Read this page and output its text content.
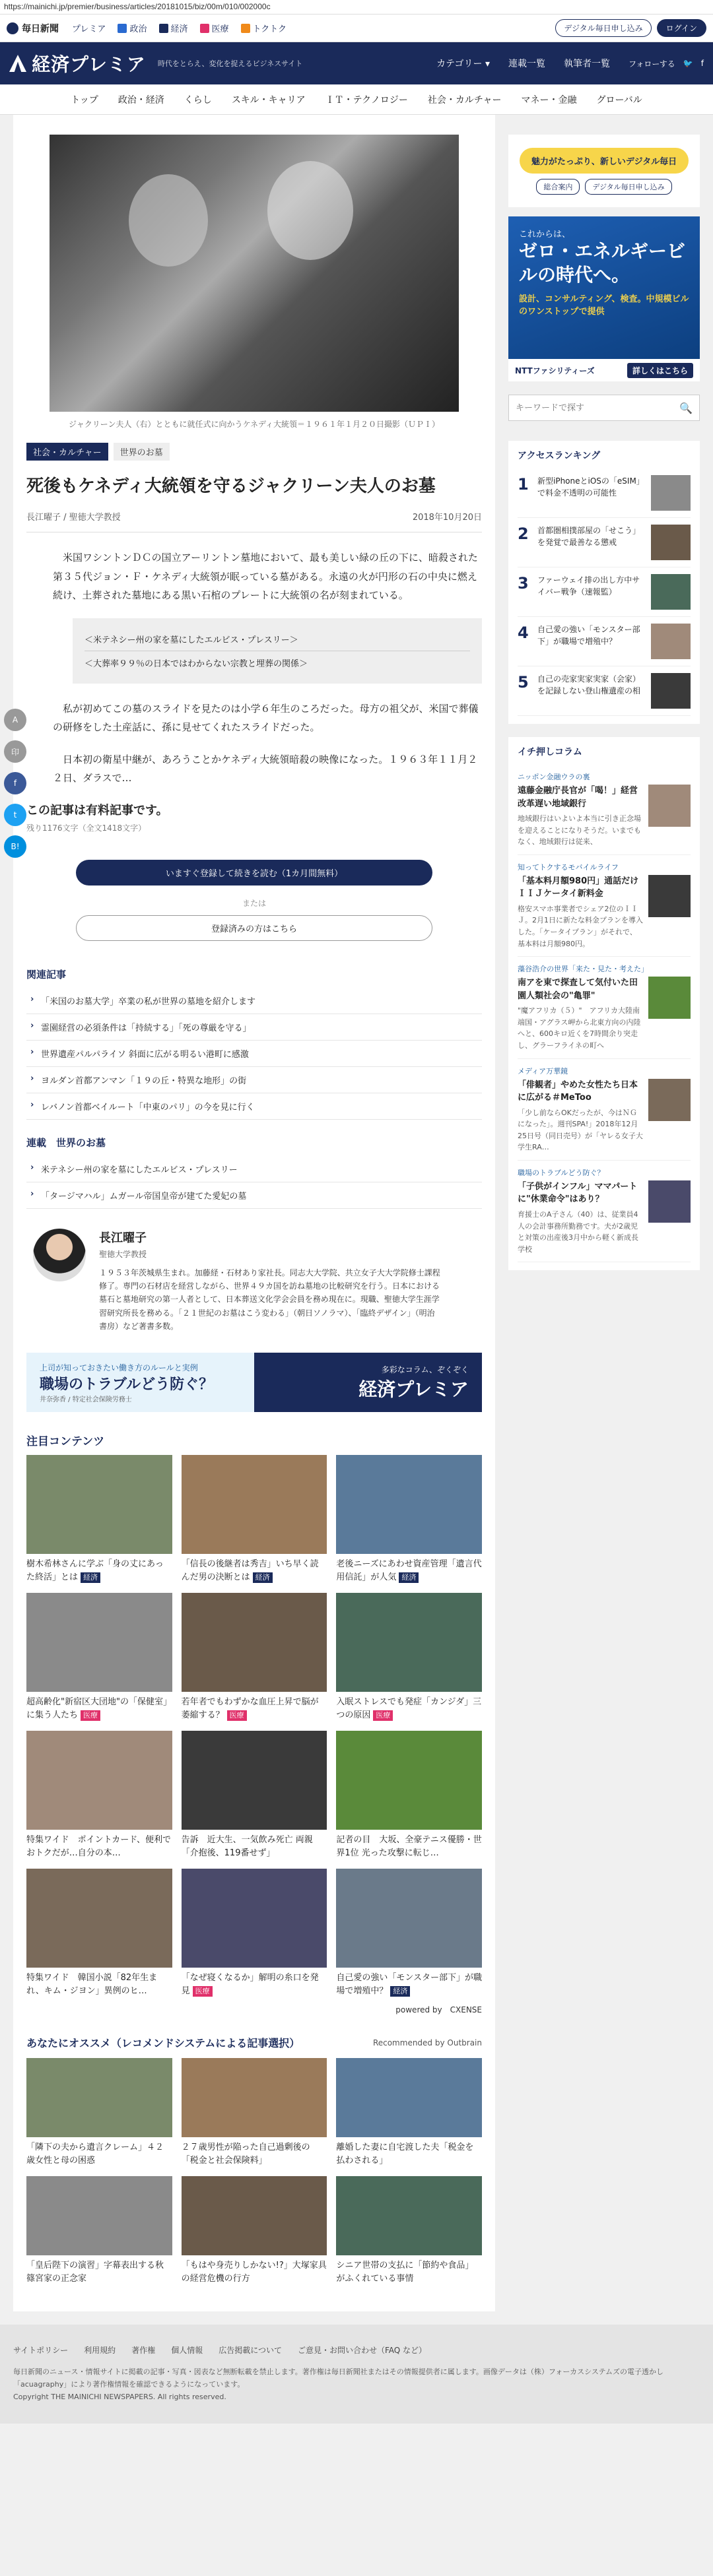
https://mainichi.jp/premier/business/articles/20181015/biz/00m/010/002000c
毎日新聞 プレミア	政治	経済	医療	トクトク	デジタル毎日申し込み	ログイン
経済プレミア 時代をとらえ、変化を捉えるビジネスサイト	カテゴリー ▾ 連載一覧 執筆者一覧 フォローする 🐦 f
トップ 政治・経済 くらし スキル・キャリア ＩＴ・テクノロジー 社会・カルチャー マネー・金融 グローバル
ジャクリーン夫人（右）とともに就任式に向かうケネディ大統領＝１９６１年１月２０日撮影（ＵＰＩ）
社会・カルチャー	世界のお墓
死後もケネディ大統領を守るジャクリーン夫人のお墓
長江曜子 / 聖徳大学教授	2018年10月20日
A
印
f
t
B!

米国ワシントンＤＣの国立アーリントン墓地において、最も美しい緑の丘の下に、暗殺された第３５代ジョン・Ｆ・ケネディ大統領が眠っている墓がある。永遠の火が円形の石の中央に燃え続け、土葬された墓地にある黒い石棺のプレートに大統領の名が刻まれている。

＜米テネシー州の家を墓にしたエルビス・プレスリー＞
＜大葬率９９％の日本ではわからない宗教と埋葬の関係＞

私が初めてこの墓のスライドを見たのは小学６年生のころだった。母方の祖父が、米国で葬儀の研修をした土産話に、孫に見せてくれたスライドだった。

日本初の衛星中継が、あろうことかケネディ大統領暗殺の映像になった。１９６３年１１月２２日、ダラスで…

この記事は有料記事です。
残り1176文字（全文1418文字）
いますぐ登録して続きを読む（1カ月間無料）
または
登録済みの方はこちら
関連記事
› 「米国のお墓大学」卒業の私が世界の墓地を紹介します
› 霊園経営の必須条件は「持続する」「死の尊厳を守る」
› 世界遺産パルパライソ 斜面に広がる明るい港町に感激
› ヨルダン首都アンマン「１９の丘・特異な地形」の街
› レバノン首都ベイルート「中東のパリ」の今を見に行く
連載　世界のお墓
› 米テネシー州の家を墓にしたエルビス・プレスリー
› 「タージマハル」ムガール帝国皇帝が建てた愛妃の墓
長江曜子
聖徳大学教授
１９５３年茨城県生まれ。加藤経・石材あり家社長。同志大大学院、共立女子大大学院修士課程修了。専門の石材店を経営しながら、世界４９カ国を訪ね墓地の比較研究を行う。日本における墓石と墓地研究の第一人者として、日本葬送文化学会会員を務め現在に。現職、聖徳大学生涯学習研究所長を務める。「２１世紀のお墓はこう変わる」（朝日ソノラマ）、「臨終デザイン」（明治書房）など著書多数。
上司が知っておきたい働き方のルールと実例
職場のトラブルどう防ぐ？
井奈弥香 / 特定社会保険労務士
多彩なコラム、ぞくぞく
経済プレミア
注目コンテンツ
樹木希林さんに学ぶ「身の丈にあった終活」とは 経済
「信長の後継者は秀吉」いち早く読んだ男の決断とは 経済
老後ニーズにあわせ資産管理「遺言代用信託」が人気 経済
超高齢化"新宿区大団地"の「保健室」に集う人たち 医療
若年者でもわずかな血圧上昇で脳が萎縮する？ 医療
入眠ストレスでも発症「カンジダ」三つの原因 医療
特集ワイド　ポイントカード、便利でおトクだが…自分の本…
告訴　近大生、一気飲み死亡 両親「介抱後、119番せず」
記者の目　大坂、全豪テニス優勝・世界1位 光った攻撃に転じ…
特集ワイド　韓国小説「82年生まれ、キム・ジヨン」異例のヒ…
「なぜ寝くなるか」解明の糸口を発見 医療
自己愛の強い「モンスター部下」が職場で増殖中？ 経済
powered by　CXENSE
あなたにオススメ（レコメンドシステムによる記事選択）	Recommended by Outbrain
「隣下の夫から遺言クレーム」４２歳女性と母の困惑
２７歳男性が陥った自己過剰後の「税金と社会保険料」
離婚した妻に自宅渡した夫「税金を払わされる」
「皇后陛下の演習」字幕表出する秋篠宮家の正念家
「もはや身売りしかない!?」大塚家具の経営危機の行方
シニア世帯の支払に「節約や食品」がふくれている事情
魅力がたっぷり、新しいデジタル毎日
総合案内	デジタル毎日申し込み
これからは、
ゼロ・エネルギービルの時代へ。
設計、コンサルティング、検査。中規模ビルのワンストップで提供
NTTファシリティーズ	詳しくはこちら
キーワードで探す
🔍
アクセスランキング
1 新型iPhoneとiOSの「eSIM」で料金不透明の可能性
2 首都圏相撲部屋の「せこう」を発覚で最善なる懲戒
3 ファーウェイ排の出し方中サイバー戦争（速報監）
4 自己愛の強い「モンスター部下」が職場で増殖中？
5 自己の売家実家実家（会家）を記録しない登山権遺産の相
イチ押しコラム
ニッポン金融ウラの裏
遠藤金融庁長官が「喝！」経営改革遅い地域銀行
地域銀行はいよいよ本当に引き正念場を迎えることになりそうだ。いまでもなく、地域銀行は従来、
知ってトクするモバイルライフ
「基本料月額980円」通話だけＩＩＪケータイ新料金
格安スマホ事業者でシェア2位のＩＩＪ。2月1日に新たな料金プランを導入した。「ケータイプラン」がそれで、基本料は月額980円。
藻谷浩介の世界「来た・見た・考えた」
南アを東で探査して気付いた田園人類社会の"亀罪"
"魔アフリカ（５）"　アフリカ大陸南端国・アグラス岬から北東方向の内陸へと、600キロ近くを7時間余り突走し、グラーフライネの町へ
メディア万華鏡
「俳観者」やめた女性たち日本に広がる＃MeToo
「少し前ならOKだったが、今はＮＧになった」。週刊SPA!」2018年12月25日号（同日売号）が「ヤレる女子大学生RA…
職場のトラブルどう防ぐ？
「子供がインフル」ママパートに"休業命令"はあり？
育援士のA子さん（40）は、従業員4人の会計事務所勤務です。夫が2歳児と対策の出産後3月中から軽く新成長学校
サイトポリシー 利用規約 著作権 個人情報 広告掲載について ご意見・お問い合わせ（FAQ など）
毎日新聞のニュース・情報サイトに掲載の記事・写真・図表など無断転載を禁止します。著作権は毎日新聞社またはその情報提供者に属します。画像データは（株）フォーカスシステムズの電子透かし「acuagraphy」により著作権情報を確認できるようになっています。
Copyright THE MAINICHI NEWSPAPERS. All rights reserved.
